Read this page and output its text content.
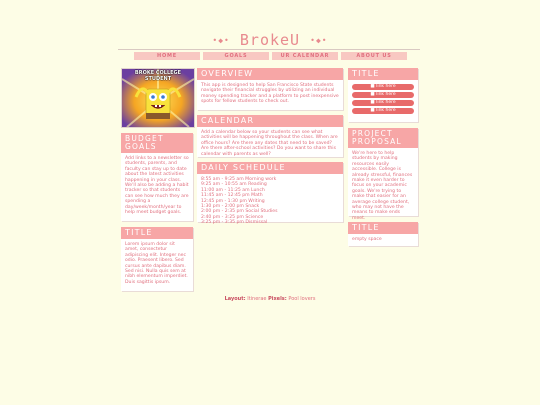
•◆• BrokeU •◆•
HOME	GOALS	UR CALENDAR	ABOUT US
BROKE COLLEGE STUDENT
BUDGET GOALS
Add links to a newsletter so students, parents, and faculty can stay up to date about the latest activities happening in your class. We'll also be adding a habit tracker so that students can see how much they are spending a day/week/month/year to help meet budget goals.
TITLE
Lorem ipsum dolor sit amet, consectetur adipiscing elit. Integer nec odio. Praesent libero. Sed cursus ante dapibus diam. Sed nisi. Nulla quis sem at nibh elementum imperdiet. Duis sagittis ipsum.
OVERVIEW
This app is designed to help San Francisco State students navigate their financial struggles by utilizing an individual money spending tracker and a platform to post inexpensive spots for fellow students to check out.
CALENDAR
Add a calendar below so your students can see what activities will be happening throughout the class. When are office hours? Are there any dates that need to be saved? Are there after-school activities? Do you want to share this calendar with parents as well?
DAILY SCHEDULE
8:55 am - 9:25 am Morning work
9:25 am - 10:55 am Reading
11:00 am - 11:25 am Lunch
11:45 am - 12:45 pm Math
12:45 pm - 1:30 pm Writing
1:30 pm - 2:00 pm Snack
2:00 pm - 2:35 pm Social Studies
2:40 pm - 3:25 pm Science
3:25 pm - 3:35 pm Dismissal
TITLE
■ link here
■ link here
■ link here
■ link here
PROJECT PROPOSAL
We're here to help students by making resources easily accessible. College is already stressful, finances make it even harder to focus on your academic goals. We're trying to make that easier for an average college student, who may not have the means to make ends meet.
TITLE
empty space
Layout: Itinerae Pixels: Pool lovers
